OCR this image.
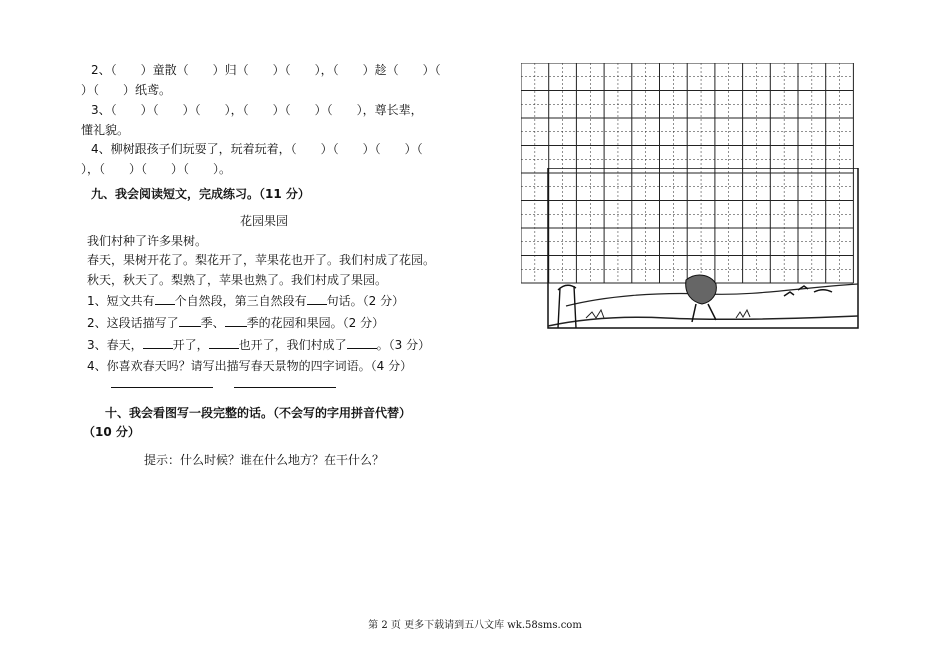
2、（　　）童散（　　）归（　　）（　　），（　　）趁（　　）（
）（　　）纸鸢。
3、（　　）（　　）（　　），（　　）（　　）（　　），尊长辈，
懂礼貌。
4、柳树跟孩子们玩耍了，玩着玩着，（　　）（　　）（　　）（
），（　　）（　　）（　　）。
九、我会阅读短文，完成练习。（11 分）
花园果园
我们村种了许多果树。
春天，果树开花了。梨花开了，苹果花也开了。我们村成了花园。
秋天，秋天了。梨熟了，苹果也熟了。我们村成了果园。
1、短文共有 个自然段，第三自然段有 句话。（2 分）
2、这段话描写了 季、 季的花园和果园。（2 分）
3、春天，	开了，	也开了，我们村成了	。（3 分）
4、你喜欢春天吗？请写出描写春天景物的四字词语。（4 分）
十、我会看图写一段完整的话。（不会写的字用拼音代替）
（10 分）
提示：什么时候？谁在什么地方？在干什么？
第 2 页 更多下载请到五八文库 wk.58sms.com
